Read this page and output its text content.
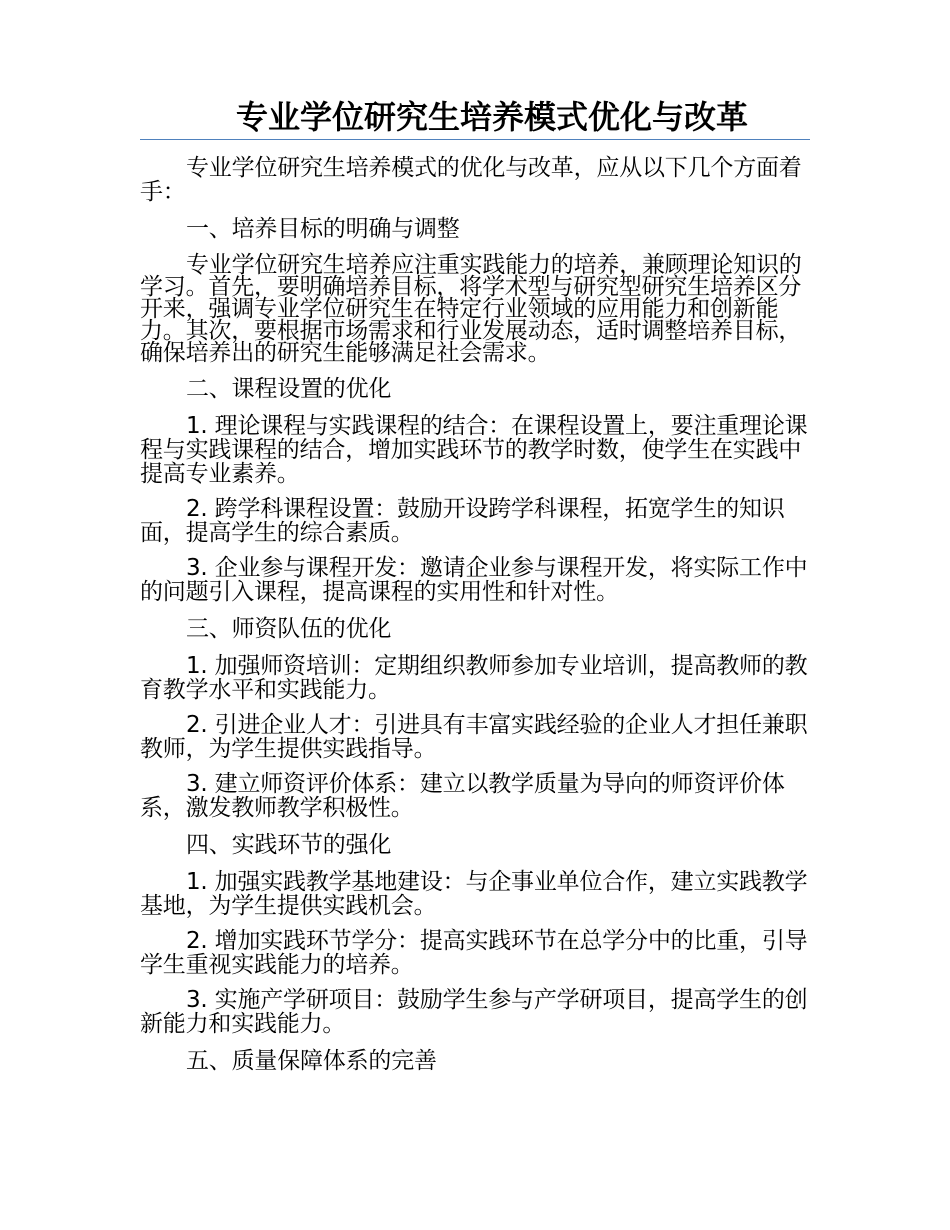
专业学位研究生培养模式优化与改革

专业学位研究生培养模式的优化与改革，应从以下几个方面着手：

一、培养目标的明确与调整

专业学位研究生培养应注重实践能力的培养，兼顾理论知识的学习。首先，要明确培养目标，将学术型与研究型研究生培养区分开来，强调专业学位研究生在特定行业领域的应用能力和创新能力。其次，要根据市场需求和行业发展动态，适时调整培养目标，确保培养出的研究生能够满足社会需求。

二、课程设置的优化

1. 理论课程与实践课程的结合：在课程设置上，要注重理论课程与实践课程的结合，增加实践环节的教学时数，使学生在实践中提高专业素养。

2. 跨学科课程设置：鼓励开设跨学科课程，拓宽学生的知识面，提高学生的综合素质。

3. 企业参与课程开发：邀请企业参与课程开发，将实际工作中的问题引入课程，提高课程的实用性和针对性。

三、师资队伍的优化

1. 加强师资培训：定期组织教师参加专业培训，提高教师的教育教学水平和实践能力。

2. 引进企业人才：引进具有丰富实践经验的企业人才担任兼职教师，为学生提供实践指导。

3. 建立师资评价体系：建立以教学质量为导向的师资评价体系，激发教师教学积极性。

四、实践环节的强化

1. 加强实践教学基地建设：与企事业单位合作，建立实践教学基地，为学生提供实践机会。

2. 增加实践环节学分：提高实践环节在总学分中的比重，引导学生重视实践能力的培养。

3. 实施产学研项目：鼓励学生参与产学研项目，提高学生的创新能力和实践能力。

五、质量保障体系的完善
